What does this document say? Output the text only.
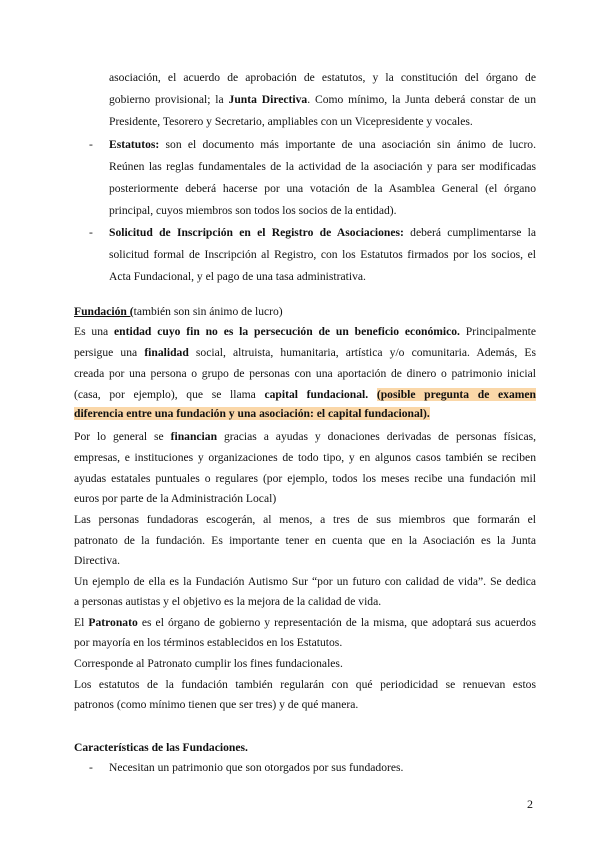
asociación, el acuerdo de aprobación de estatutos, y la constitución del órgano de
gobierno provisional; la Junta Directiva. Como mínimo, la Junta deberá constar de un
Presidente, Tesorero y Secretario, ampliables con un Vicepresidente y vocales.
- Estatutos: son el documento más importante de una asociación sin ánimo de lucro.
Reúnen las reglas fundamentales de la actividad de la asociación y para ser modificadas
posteriormente deberá hacerse por una votación de la Asamblea General (el órgano
principal, cuyos miembros son todos los socios de la entidad).
- Solicitud de Inscripción en el Registro de Asociaciones: deberá cumplimentarse la
solicitud formal de Inscripción al Registro, con los Estatutos firmados por los socios, el
Acta Fundacional, y el pago de una tasa administrativa.
Fundación (también son sin ánimo de lucro)
Es una entidad cuyo fin no es la persecución de un beneficio económico. Principalmente
persigue una finalidad social, altruista, humanitaria, artística y/o comunitaria. Además, Es
creada por una persona o grupo de personas con una aportación de dinero o patrimonio inicial
(casa, por ejemplo), que se llama capital fundacional. (posible pregunta de examen
diferencia entre una fundación y una asociación: el capital fundacional).
Por lo general se financian gracias a ayudas y donaciones derivadas de personas físicas,
empresas, e instituciones y organizaciones de todo tipo, y en algunos casos también se reciben
ayudas estatales puntuales o regulares (por ejemplo, todos los meses recibe una fundación mil
euros por parte de la Administración Local)
Las personas fundadoras escogerán, al menos, a tres de sus miembros que formarán el
patronato de la fundación. Es importante tener en cuenta que en la Asociación es la Junta
Directiva.
Un ejemplo de ella es la Fundación Autismo Sur “por un futuro con calidad de vida”. Se dedica
a personas autistas y el objetivo es la mejora de la calidad de vida.
El Patronato es el órgano de gobierno y representación de la misma, que adoptará sus acuerdos
por mayoría en los términos establecidos en los Estatutos.
Corresponde al Patronato cumplir los fines fundacionales.
Los estatutos de la fundación también regularán con qué periodicidad se renuevan estos
patronos (como mínimo tienen que ser tres) y de qué manera.
Características de las Fundaciones.
- Necesitan un patrimonio que son otorgados por sus fundadores.
2
